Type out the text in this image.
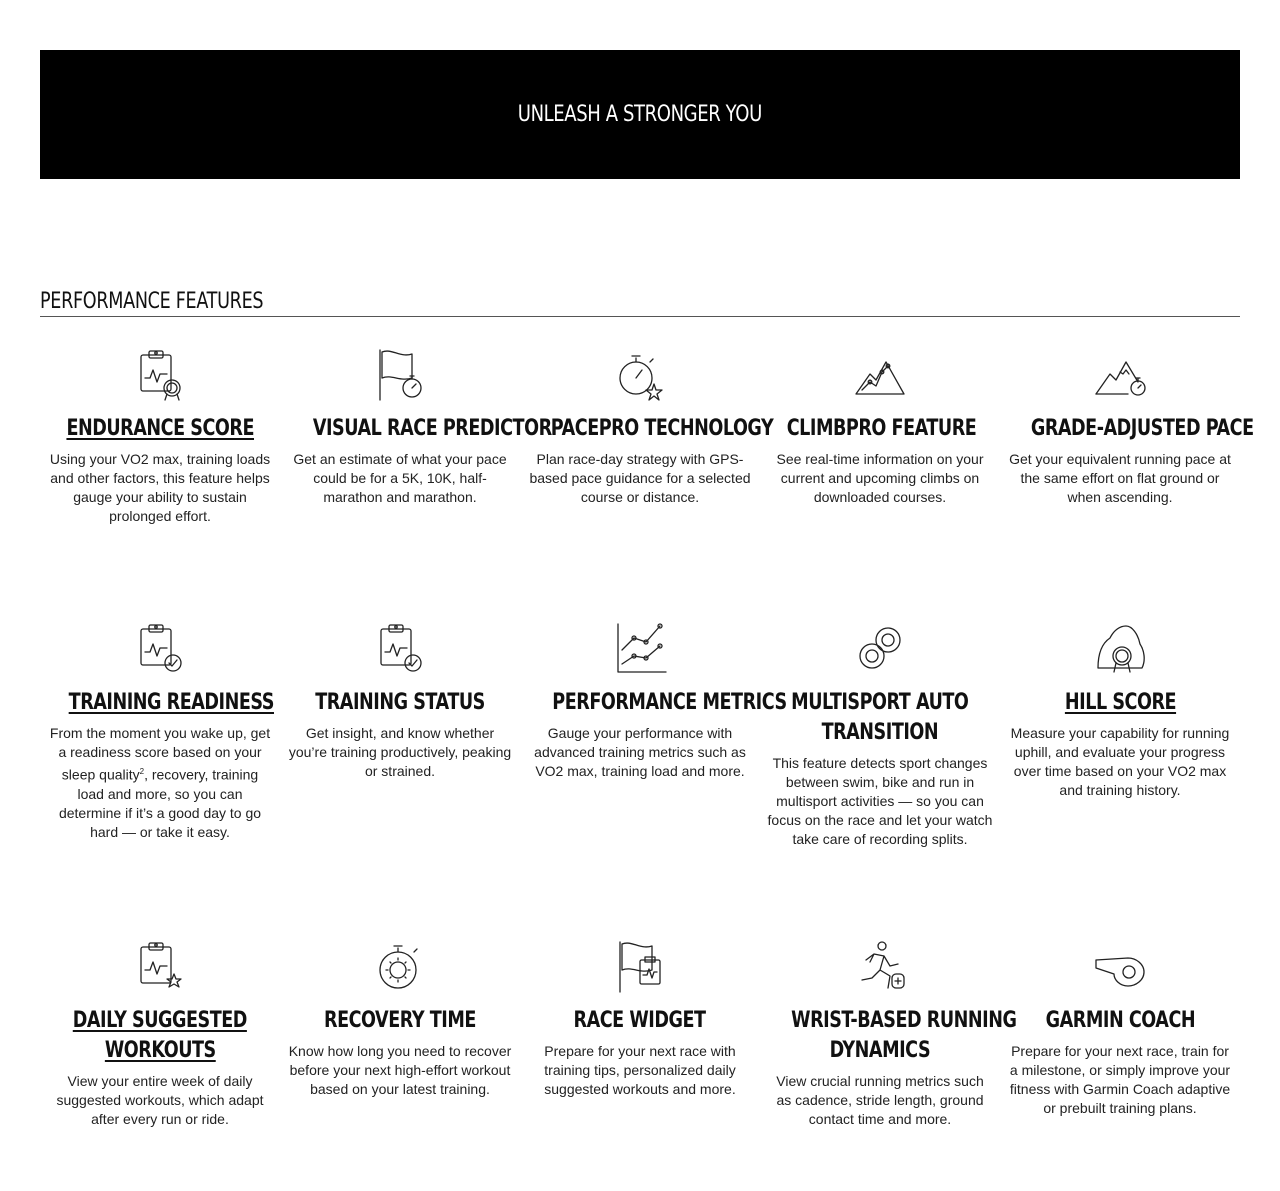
UNLEASH A STRONGER YOU
PERFORMANCE FEATURES
ENDURANCE SCORE

Using your VO2 max, training loads and other factors, this feature helps gauge your ability to sustain prolonged effort.

VISUAL RACE PREDICTOR

Get an estimate of what your pace could be for a 5K, 10K, half-marathon and marathon.

PACEPRO TECHNOLOGY

Plan race-day strategy with GPS-based pace guidance for a selected course or distance.

CLIMBPRO FEATURE

See real-time information on your current and upcoming climbs on downloaded courses.

GRADE-ADJUSTED PACE

Get your equivalent running pace at the same effort on flat ground or when ascending.

TRAINING READINESS

From the moment you wake up, get a readiness score based on your sleep quality$^2$, recovery, training load and more, so you can determine if it’s a good day to go hard — or take it easy.

TRAINING STATUS

Get insight, and know whether you’re training productively, peaking or strained.

PERFORMANCE METRICS

Gauge your performance with advanced training metrics such as VO2 max, training load and more.

MULTISPORT AUTO
TRANSITION

This feature detects sport changes between swim, bike and run in multisport activities — so you can focus on the race and let your watch take care of recording splits.

HILL SCORE

Measure your capability for running uphill, and evaluate your progress over time based on your VO2 max and training history.

DAILY SUGGESTED
WORKOUTS

View your entire week of daily suggested workouts, which adapt after every run or ride.

RECOVERY TIME

Know how long you need to recover before your next high-effort workout based on your latest training.

RACE WIDGET

Prepare for your next race with training tips, personalized daily suggested workouts and more.

WRIST-BASED RUNNING
DYNAMICS

View crucial running metrics such as cadence, stride length, ground contact time and more.

GARMIN COACH

Prepare for your next race, train for a milestone, or simply improve your fitness with Garmin Coach adaptive or prebuilt training plans.
